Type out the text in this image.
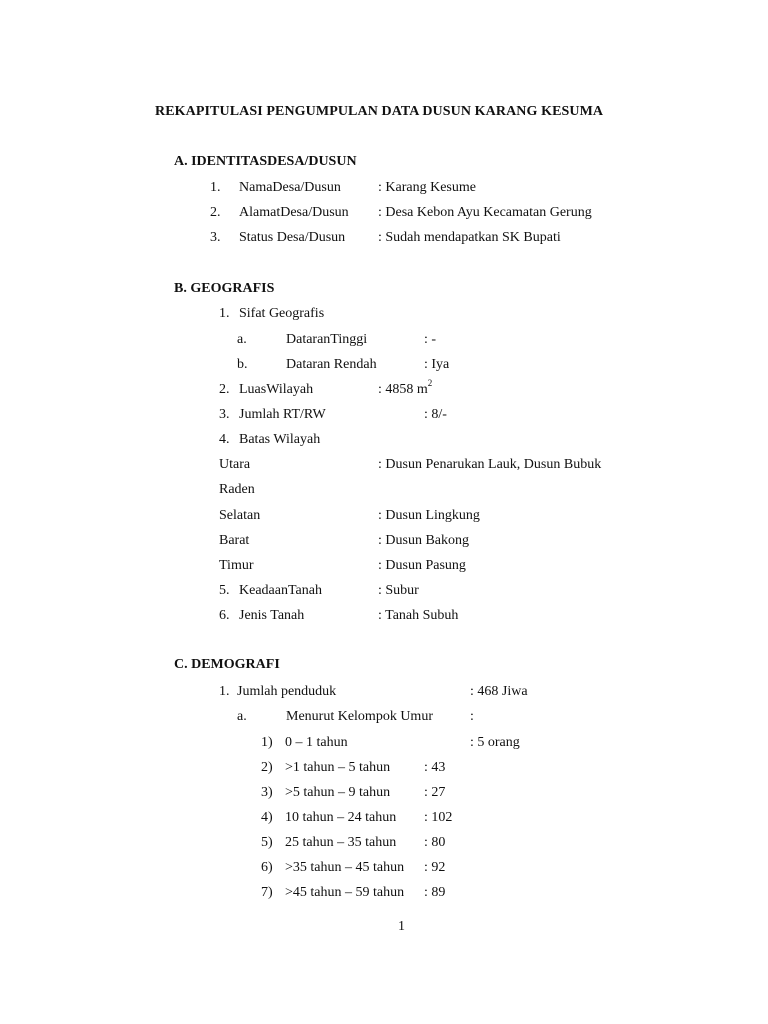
REKAPITULASI PENGUMPULAN DATA DUSUN KARANG KESUMA
A. IDENTITASDESA/DUSUN
1. NamaDesa/Dusun	: Karang Kesume
2. AlamatDesa/Dusun : Desa Kebon Ayu Kecamatan Gerung
3. Status Desa/Dusun : Sudah mendapatkan SK Bupati
B. GEOGRAFIS
1. Sifat Geografis
a.	DataranTinggi	: -
b.	Dataran Rendah	: Iya
2. LuasWilayah	: 4858 $m^2$
3. Jumlah RT/RW	: 8/-
4. Batas Wilayah
Utara	: Dusun Penarukan Lauk, Dusun Bubuk
Raden
Selatan	: Dusun Lingkung
Barat	: Dusun Bakong
Timur	: Dusun Pasung
5. KeadaanTanah	: Subur
6. Jenis Tanah	: Tanah Subuh
C. DEMOGRAFI
1. Jumlah penduduk	: 468 Jiwa
a.	Menurut Kelompok Umur	:
1) 0 – 1 tahun	: 5 orang
2) >1 tahun – 5 tahun : 43
3) >5 tahun – 9 tahun : 27
4) 10 tahun – 24 tahun : 102
5) 25 tahun – 35 tahun : 80
6) >35 tahun – 45 tahun : 92
7) >45 tahun – 59 tahun : 89
1
